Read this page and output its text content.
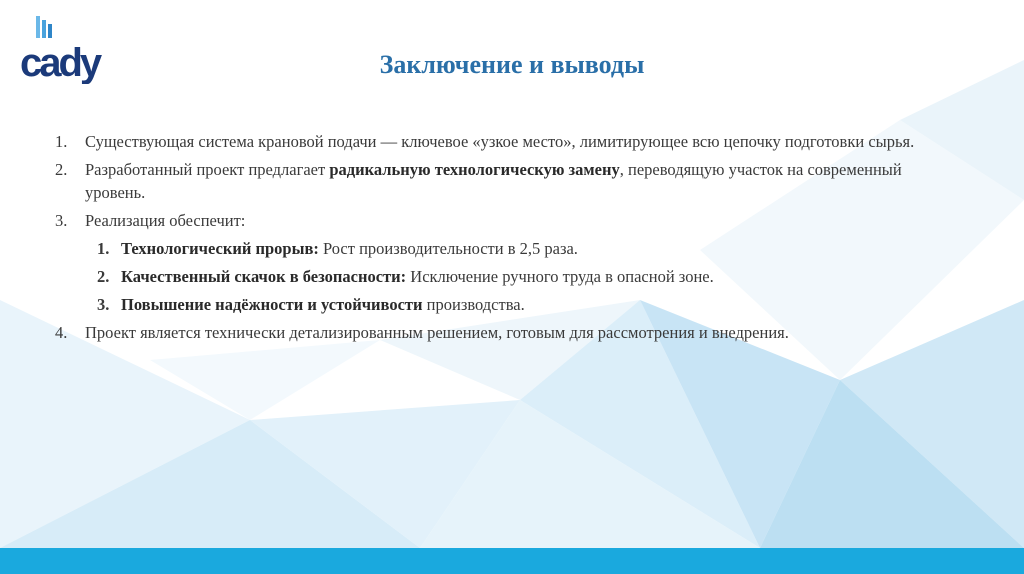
cady	Заключение и выводы
1.	Существующая система крановой подачи — ключевое «узкое место», лимитирующее всю цепочку подготовки сырья.
2.	Разработанный проект предлагает радикальную технологическую замену, переводящую участок на современный уровень.
3.	Реализация обеспечит:
1. Технологический прорыв: Рост производительности в 2,5 раза.
2. Качественный скачок в безопасности: Исключение ручного труда в опасной зоне.
3. Повышение надёжности и устойчивости производства.
4.	Проект является технически детализированным решением, готовым для рассмотрения и внедрения.
